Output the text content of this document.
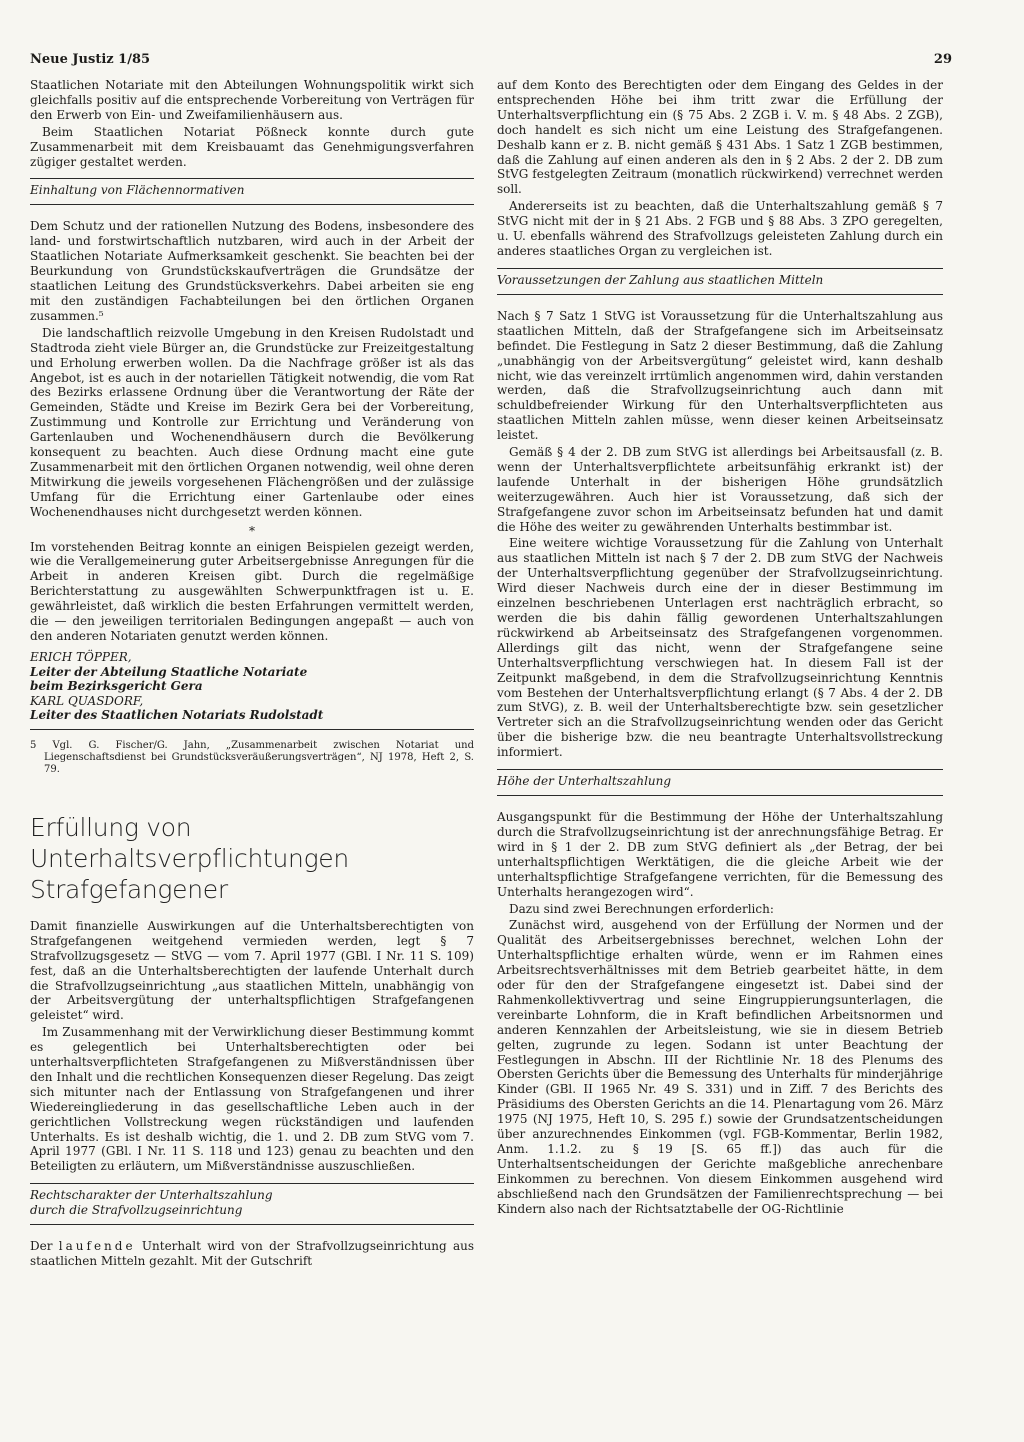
Neue Justiz 1/85	29

Staatlichen Notariate mit den Abteilungen Wohnungspolitik wirkt sich gleichfalls positiv auf die entsprechende Vorbereitung von Verträgen für den Erwerb von Ein- und Zweifamilienhäusern aus.

Beim Staatlichen Notariat Pößneck konnte durch gute Zusammenarbeit mit dem Kreisbauamt das Genehmigungsverfahren zügiger gestaltet werden.

Einhaltung von Flächennormativen

Dem Schutz und der rationellen Nutzung des Bodens, insbesondere des land- und forstwirtschaftlich nutzbaren, wird auch in der Arbeit der Staatlichen Notariate Aufmerksamkeit geschenkt. Sie beachten bei der Beurkundung von Grundstückskaufverträgen die Grundsätze der staatlichen Leitung des Grundstücksverkehrs. Dabei arbeiten sie eng mit den zuständigen Fachabteilungen bei den örtlichen Organen zusammen.⁵

Die landschaftlich reizvolle Umgebung in den Kreisen Rudolstadt und Stadtroda zieht viele Bürger an, die Grundstücke zur Freizeitgestaltung und Erholung erwerben wollen. Da die Nachfrage größer ist als das Angebot, ist es auch in der notariellen Tätigkeit notwendig, die vom Rat des Bezirks erlassene Ordnung über die Verantwortung der Räte der Gemeinden, Städte und Kreise im Bezirk Gera bei der Vorbereitung, Zustimmung und Kontrolle zur Errichtung und Veränderung von Gartenlauben und Wochenendhäusern durch die Bevölkerung konsequent zu beachten. Auch diese Ordnung macht eine gute Zusammenarbeit mit den örtlichen Organen notwendig, weil ohne deren Mitwirkung die jeweils vorgesehenen Flächengrößen und der zulässige Umfang für die Errichtung einer Gartenlaube oder eines Wochenendhauses nicht durchgesetzt werden können.

*

Im vorstehenden Beitrag konnte an einigen Beispielen gezeigt werden, wie die Verallgemeinerung guter Arbeitsergebnisse Anregungen für die Arbeit in anderen Kreisen gibt. Durch die regelmäßige Berichterstattung zu ausgewählten Schwerpunktfragen ist u. E. gewährleistet, daß wirklich die besten Erfahrungen vermittelt werden, die — den jeweiligen territorialen Bedingungen angepaßt — auch von den anderen Notariaten genutzt werden können.

ERICH TÖPPER,
Leiter der Abteilung Staatliche Notariate
beim Bezirksgericht Gera
KARL QUASDORF,
Leiter des Staatlichen Notariats Rudolstadt
5 Vgl. G. Fischer/G. Jahn, „Zusammenarbeit zwischen Notariat und Liegenschaftsdienst bei Grundstücksveräußerungsverträgen“, NJ 1978, Heft 2, S. 79.
Erfüllung von Unterhaltsverpflichtungen Strafgefangener

Damit finanzielle Auswirkungen auf die Unterhaltsberechtigten von Strafgefangenen weitgehend vermieden werden, legt § 7 Strafvollzugsgesetz — StVG — vom 7. April 1977 (GBl. I Nr. 11 S. 109) fest, daß an die Unterhaltsberechtigten der laufende Unterhalt durch die Strafvollzugseinrichtung „aus staatlichen Mitteln, unabhängig von der Arbeitsvergütung der unterhaltspflichtigen Strafgefangenen geleistet“ wird.

Im Zusammenhang mit der Verwirklichung dieser Bestimmung kommt es gelegentlich bei Unterhaltsberechtigten oder bei unterhaltsverpflichteten Strafgefangenen zu Mißverständnissen über den Inhalt und die rechtlichen Konsequenzen dieser Regelung. Das zeigt sich mitunter nach der Entlassung von Strafgefangenen und ihrer Wiedereingliederung in das gesellschaftliche Leben auch in der gerichtlichen Vollstreckung wegen rückständigen und laufenden Unterhalts. Es ist deshalb wichtig, die 1. und 2. DB zum StVG vom 7. April 1977 (GBl. I Nr. 11 S. 118 und 123) genau zu beachten und den Beteiligten zu erläutern, um Mißverständnisse auszuschließen.

Rechtscharakter der Unterhaltszahlung
durch die Strafvollzugseinrichtung

Der laufende Unterhalt wird von der Strafvollzugseinrichtung aus staatlichen Mitteln gezahlt. Mit der Gutschrift

auf dem Konto des Berechtigten oder dem Eingang des Geldes in der entsprechenden Höhe bei ihm tritt zwar die Erfüllung der Unterhaltsverpflichtung ein (§ 75 Abs. 2 ZGB i. V. m. § 48 Abs. 2 ZGB), doch handelt es sich nicht um eine Leistung des Strafgefangenen. Deshalb kann er z. B. nicht gemäß § 431 Abs. 1 Satz 1 ZGB bestimmen, daß die Zahlung auf einen anderen als den in § 2 Abs. 2 der 2. DB zum StVG festgelegten Zeitraum (monatlich rückwirkend) verrechnet werden soll.

Andererseits ist zu beachten, daß die Unterhaltszahlung gemäß § 7 StVG nicht mit der in § 21 Abs. 2 FGB und § 88 Abs. 3 ZPO geregelten, u. U. ebenfalls während des Strafvollzugs geleisteten Zahlung durch ein anderes staatliches Organ zu vergleichen ist.

Voraussetzungen der Zahlung aus staatlichen Mitteln

Nach § 7 Satz 1 StVG ist Voraussetzung für die Unterhaltszahlung aus staatlichen Mitteln, daß der Strafgefangene sich im Arbeitseinsatz befindet. Die Festlegung in Satz 2 dieser Bestimmung, daß die Zahlung „unabhängig von der Arbeitsvergütung“ geleistet wird, kann deshalb nicht, wie das vereinzelt irrtümlich angenommen wird, dahin verstanden werden, daß die Strafvollzugseinrichtung auch dann mit schuldbefreiender Wirkung für den Unterhaltsverpflichteten aus staatlichen Mitteln zahlen müsse, wenn dieser keinen Arbeitseinsatz leistet.

Gemäß § 4 der 2. DB zum StVG ist allerdings bei Arbeitsausfall (z. B. wenn der Unterhaltsverpflichtete arbeitsunfähig erkrankt ist) der laufende Unterhalt in der bisherigen Höhe grundsätzlich weiterzugewähren. Auch hier ist Voraussetzung, daß sich der Strafgefangene zuvor schon im Arbeitseinsatz befunden hat und damit die Höhe des weiter zu gewährenden Unterhalts bestimmbar ist.

Eine weitere wichtige Voraussetzung für die Zahlung von Unterhalt aus staatlichen Mitteln ist nach § 7 der 2. DB zum StVG der Nachweis der Unterhaltsverpflichtung gegenüber der Strafvollzugseinrichtung. Wird dieser Nachweis durch eine der in dieser Bestimmung im einzelnen beschriebenen Unterlagen erst nachträglich erbracht, so werden die bis dahin fällig gewordenen Unterhaltszahlungen rückwirkend ab Arbeitseinsatz des Strafgefangenen vorgenommen. Allerdings gilt das nicht, wenn der Strafgefangene seine Unterhaltsverpflichtung verschwiegen hat. In diesem Fall ist der Zeitpunkt maßgebend, in dem die Strafvollzugseinrichtung Kenntnis vom Bestehen der Unterhaltsverpflichtung erlangt (§ 7 Abs. 4 der 2. DB zum StVG), z. B. weil der Unterhaltsberechtigte bzw. sein gesetzlicher Vertreter sich an die Strafvollzugseinrichtung wenden oder das Gericht über die bisherige bzw. die neu beantragte Unterhaltsvollstreckung informiert.

Höhe der Unterhaltszahlung

Ausgangspunkt für die Bestimmung der Höhe der Unterhaltszahlung durch die Strafvollzugseinrichtung ist der anrechnungsfähige Betrag. Er wird in § 1 der 2. DB zum StVG definiert als „der Betrag, der bei unterhaltspflichtigen Werktätigen, die die gleiche Arbeit wie der unterhaltspflichtige Strafgefangene verrichten, für die Bemessung des Unterhalts herangezogen wird“.

Dazu sind zwei Berechnungen erforderlich:

Zunächst wird, ausgehend von der Erfüllung der Normen und der Qualität des Arbeitsergebnisses berechnet, welchen Lohn der Unterhaltspflichtige erhalten würde, wenn er im Rahmen eines Arbeitsrechtsverhältnisses mit dem Betrieb gearbeitet hätte, in dem oder für den der Strafgefangene eingesetzt ist. Dabei sind der Rahmenkollektivvertrag und seine Eingruppierungsunterlagen, die vereinbarte Lohnform, die in Kraft befindlichen Arbeitsnormen und anderen Kennzahlen der Arbeitsleistung, wie sie in diesem Betrieb gelten, zugrunde zu legen. Sodann ist unter Beachtung der Festlegungen in Abschn. III der Richtlinie Nr. 18 des Plenums des Obersten Gerichts über die Bemessung des Unterhalts für minderjährige Kinder (GBl. II 1965 Nr. 49 S. 331) und in Ziff. 7 des Berichts des Präsidiums des Obersten Gerichts an die 14. Plenartagung vom 26. März 1975 (NJ 1975, Heft 10, S. 295 f.) sowie der Grundsatzentscheidungen über anzurechnendes Einkommen (vgl. FGB-Kommentar, Berlin 1982, Anm. 1.1.2. zu § 19 [S. 65 ff.]) das auch für die Unterhaltsentscheidungen der Gerichte maßgebliche anrechenbare Einkommen zu berechnen. Von diesem Einkommen ausgehend wird abschließend nach den Grundsätzen der Familienrechtsprechung — bei Kindern also nach der Richtsatztabelle der OG-Richtlinie
